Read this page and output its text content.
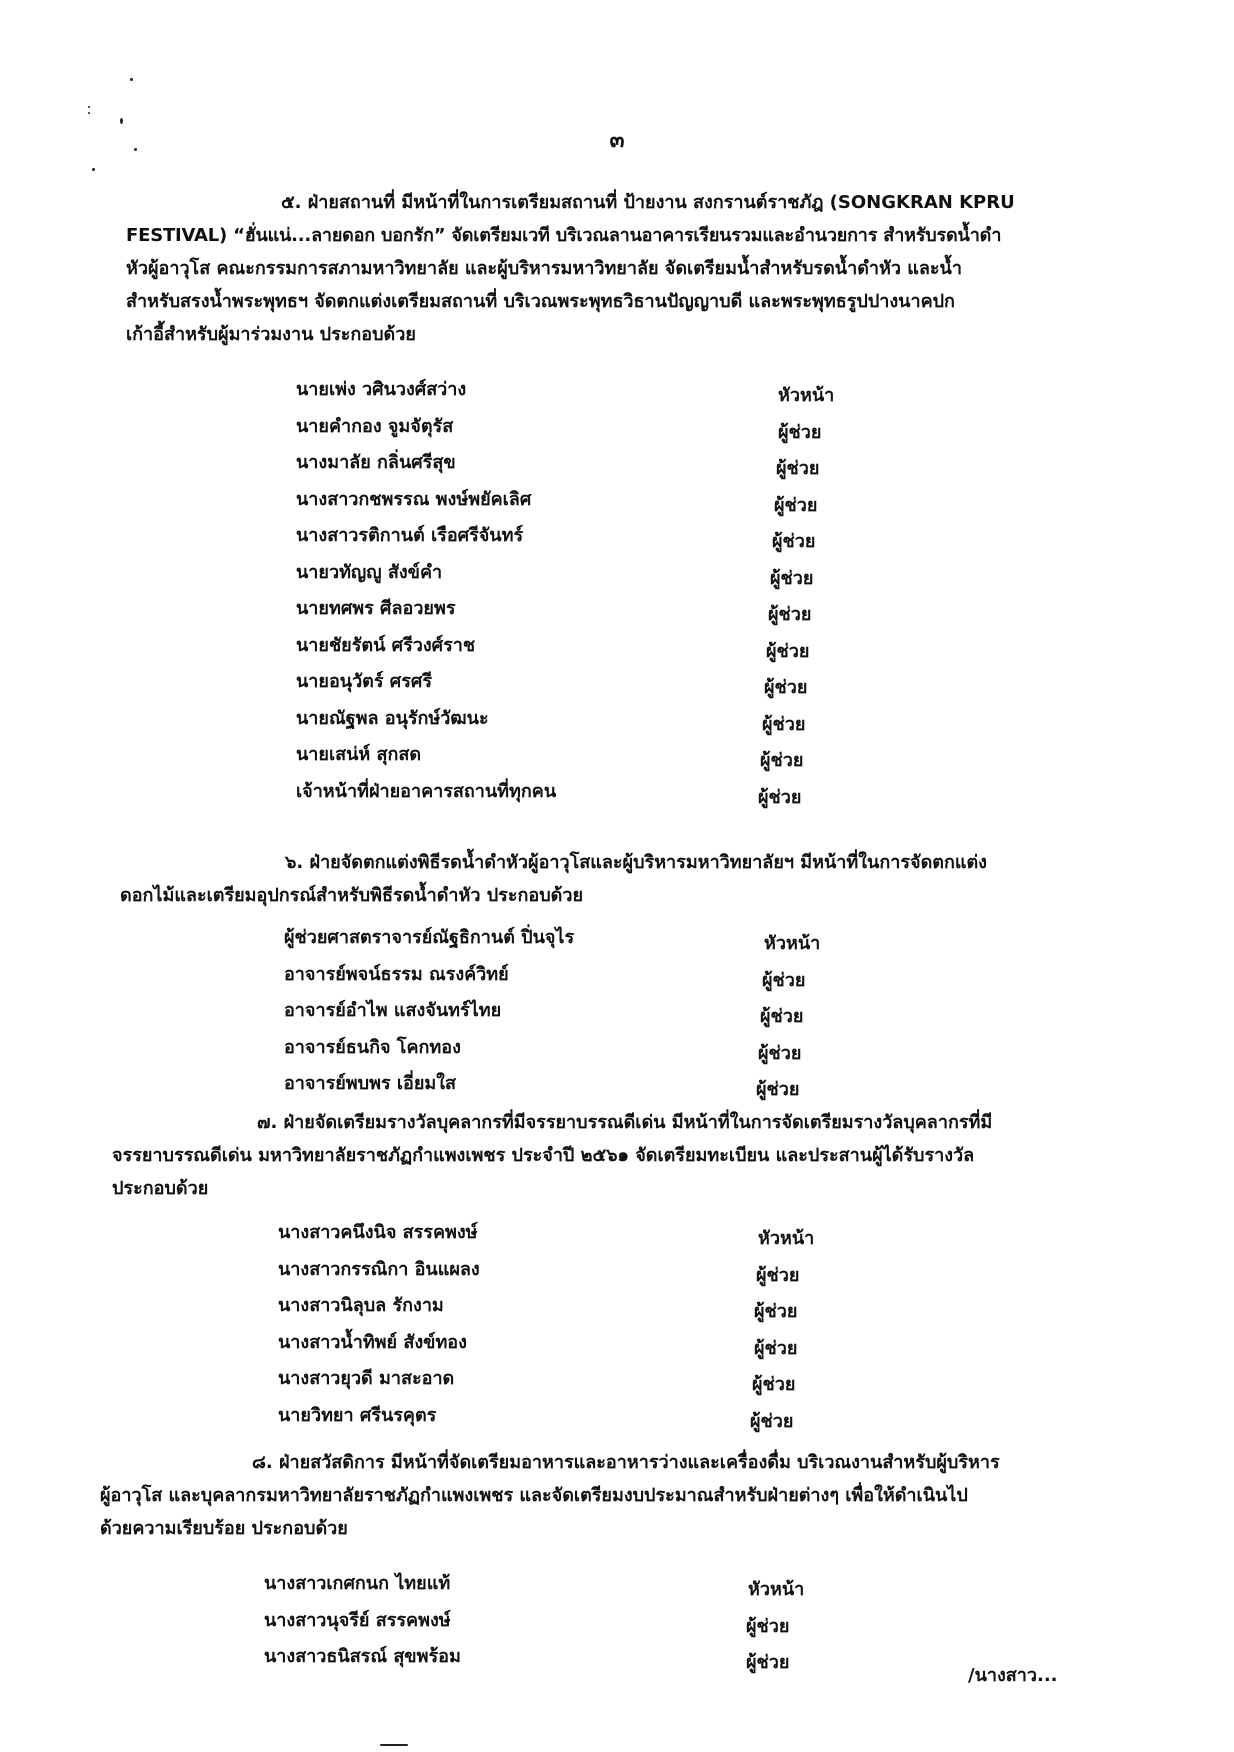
๓
๕. ฝ่ายสถานที่ มีหน้าที่ในการเตรียมสถานที่ ป้ายงาน สงกรานต์ราชภัฎ (SONGKRAN KPRU
FESTIVAL) “ฮั่นแน่...ลายดอก บอกรัก” จัดเตรียมเวที บริเวณลานอาคารเรียนรวมและอำนวยการ สำหรับรดน้ำดำ
หัวผู้อาวุโส คณะกรรมการสภามหาวิทยาลัย และผู้บริหารมหาวิทยาลัย จัดเตรียมน้ำสำหรับรดน้ำดำหัว และน้ำ
สำหรับสรงน้ำพระพุทธฯ จัดตกแต่งเตรียมสถานที่ บริเวณพระพุทธวิธานปัญญาบดี และพระพุทธรูปปางนาคปก
เก้าอี้สำหรับผู้มาร่วมงาน ประกอบด้วย
นายเพ่ง วศินวงศ์สว่าง	หัวหน้า
นายคำกอง จูมจัตุรัส	ผู้ช่วย
นางมาลัย กลิ่นศรีสุข	ผู้ช่วย
นางสาวกชพรรณ พงษ์พยัคเลิศ	ผู้ช่วย
นางสาวรติกานต์ เรือศรีจันทร์	ผู้ช่วย
นายวทัญญู สังข์คำ	ผู้ช่วย
นายทศพร ศีลอวยพร	ผู้ช่วย
นายชัยรัตน์ ศรีวงศ์ราช	ผู้ช่วย
นายอนุวัตร์ ศรศรี	ผู้ช่วย
นายณัฐพล อนุรักษ์วัฒนะ	ผู้ช่วย
นายเสน่ห์ สุกสด	ผู้ช่วย
เจ้าหน้าที่ฝ่ายอาคารสถานที่ทุกคน	ผู้ช่วย
๖. ฝ่ายจัดตกแต่งพิธีรดน้ำดำหัวผู้อาวุโสและผู้บริหารมหาวิทยาลัยฯ มีหน้าที่ในการจัดตกแต่ง
ดอกไม้และเตรียมอุปกรณ์สำหรับพิธีรดน้ำดำหัว ประกอบด้วย
ผู้ช่วยศาสตราจารย์ณัฐธิกานต์ ปิ่นจุไร	หัวหน้า
อาจารย์พจน์ธรรม ณรงค์วิทย์	ผู้ช่วย
อาจารย์อำไพ แสงจันทร์ไทย	ผู้ช่วย
อาจารย์ธนกิจ โคกทอง	ผู้ช่วย
อาจารย์พบพร เอี่ยมใส	ผู้ช่วย
๗. ฝ่ายจัดเตรียมรางวัลบุคลากรที่มีจรรยาบรรณดีเด่น มีหน้าที่ในการจัดเตรียมรางวัลบุคลากรที่มี
จรรยาบรรณดีเด่น มหาวิทยาลัยราชภัฏกำแพงเพชร ประจำปี ๒๕๖๑ จัดเตรียมทะเบียน และประสานผู้ได้รับรางวัล
ประกอบด้วย
นางสาวคนึงนิจ สรรคพงษ์	หัวหน้า
นางสาวกรรณิกา อินแผลง	ผู้ช่วย
นางสาวนิลุบล รักงาม	ผู้ช่วย
นางสาวน้ำทิพย์ สังข์ทอง	ผู้ช่วย
นางสาวยุวดี มาสะอาด	ผู้ช่วย
นายวิทยา ศรีนรคุตร	ผู้ช่วย
๘. ฝ่ายสวัสดิการ มีหน้าที่จัดเตรียมอาหารและอาหารว่างและเครื่องดื่ม บริเวณงานสำหรับผู้บริหาร
ผู้อาวุโส และบุคลากรมหาวิทยาลัยราชภัฏกำแพงเพชร และจัดเตรียมงบประมาณสำหรับฝ่ายต่างๆ เพื่อให้ดำเนินไป
ด้วยความเรียบร้อย ประกอบด้วย
นางสาวเกศกนก ไทยแท้	หัวหน้า
นางสาวนุจรีย์ สรรคพงษ์	ผู้ช่วย
นางสาวธนิสรณ์ สุขพร้อม	ผู้ช่วย
/นางสาว...
